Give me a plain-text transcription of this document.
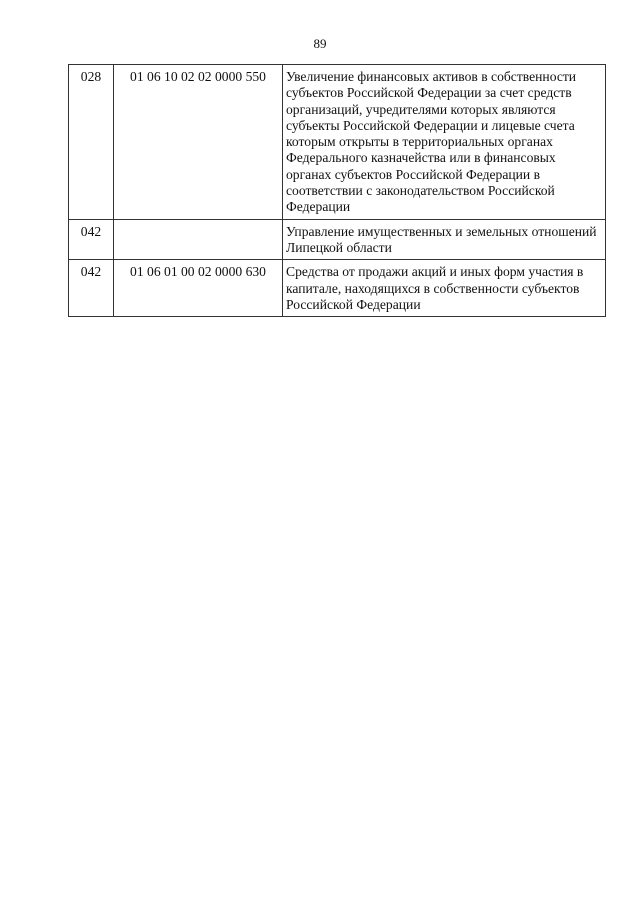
89
028	01 06 10 02 02 0000 550	Увеличение финансовых активов в собственности субъектов Российской Федерации за счет средств организаций, учредителями которых являются субъекты Российской Федерации и лицевые счета которым открыты в территориальных органах Федерального казначейства или в финансовых органах субъектов Российской Федерации в соответствии с законодательством Российской Федерации
042		Управление имущественных и земельных отношений Липецкой области
042	01 06 01 00 02 0000 630	Средства от продажи акций и иных форм участия в капитале, находящихся в собственности субъектов Российской Федерации
